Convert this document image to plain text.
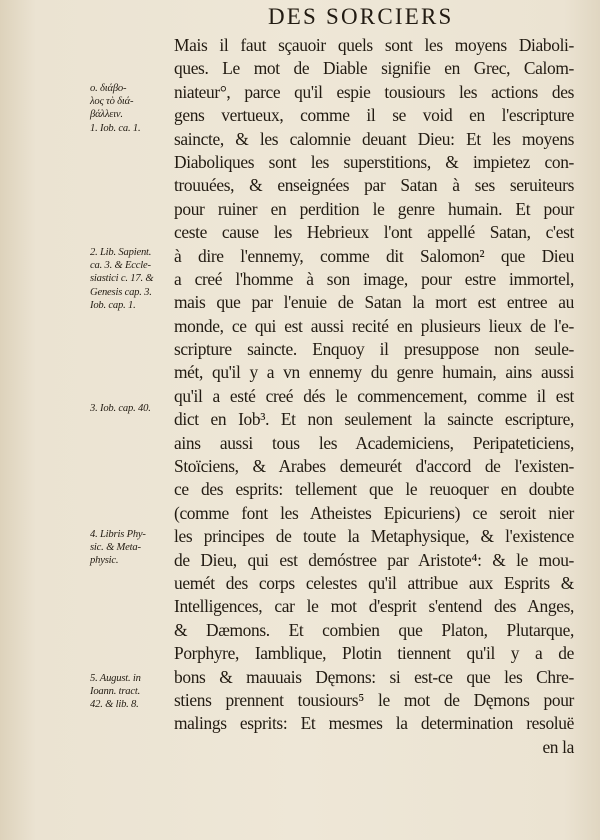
DES SORCIERS
Mais il faut sçauoir quels sont les moyens Diaboli-
ques. Le mot de Diable signifie en Grec, Calom-
niateur°, parce qu'il espie tousiours les actions des
gens vertueux, comme il se void en l'escripture
saincte, & les calomnie deuant Dieu: Et les moyens
Diaboliques sont les superstitions, & impietez con-
trouuées, & enseignées par Satan à ses seruiteurs
pour ruiner en perdition le genre humain. Et pour
ceste cause les Hebrieux l'ont appellé Satan, c'est
à dire l'ennemy, comme dit Salomon² que Dieu
a creé l'homme à son image, pour estre immortel,
mais que par l'enuie de Satan la mort est entree au
monde, ce qui est aussi recité en plusieurs lieux de l'e-
scripture saincte. Enquoy il presuppose non seule-
mét, qu'il y a vn ennemy du genre humain, ains aussi
qu'il a esté creé dés le commencement, comme il est
dict en Iob³. Et non seulement la saincte escripture,
ains aussi tous les Academiciens, Peripateticiens,
Stoïciens, & Arabes demeurét d'accord de l'existen-
ce des esprits: tellement que le reuoquer en doubte
(comme font les Atheistes Epicuriens) ce seroit nier
les principes de toute la Metaphysique, & l'existence
de Dieu, qui est demóstree par Aristote⁴: & le mou-
uemét des corps celestes qu'il attribue aux Esprits &
Intelligences, car le mot d'esprit s'entend des Anges,
& Dæmons. Et combien que Platon, Plutarque,
Porphyre, Iamblique, Plotin tiennent qu'il y a de
bons & mauuais Dęmons: si est-ce que les Chre-
stiens prennent tousiours⁵ le mot de Dęmons pour
malings esprits: Et mesmes la determination resoluë
en la
o. διάβο-
λος τὸ διά-
βάλλειν.
1. Iob. ca. 1.
2. Lib. Sapient.
ca. 3. & Eccle-
siastici c. 17. &
Genesis cap. 3.
Iob. cap. 1.
3. Iob. cap. 40.
4. Libris Phy-
sic. & Meta-
physic.
5. August. in
Ioann. tract.
42. & lib. 8.
